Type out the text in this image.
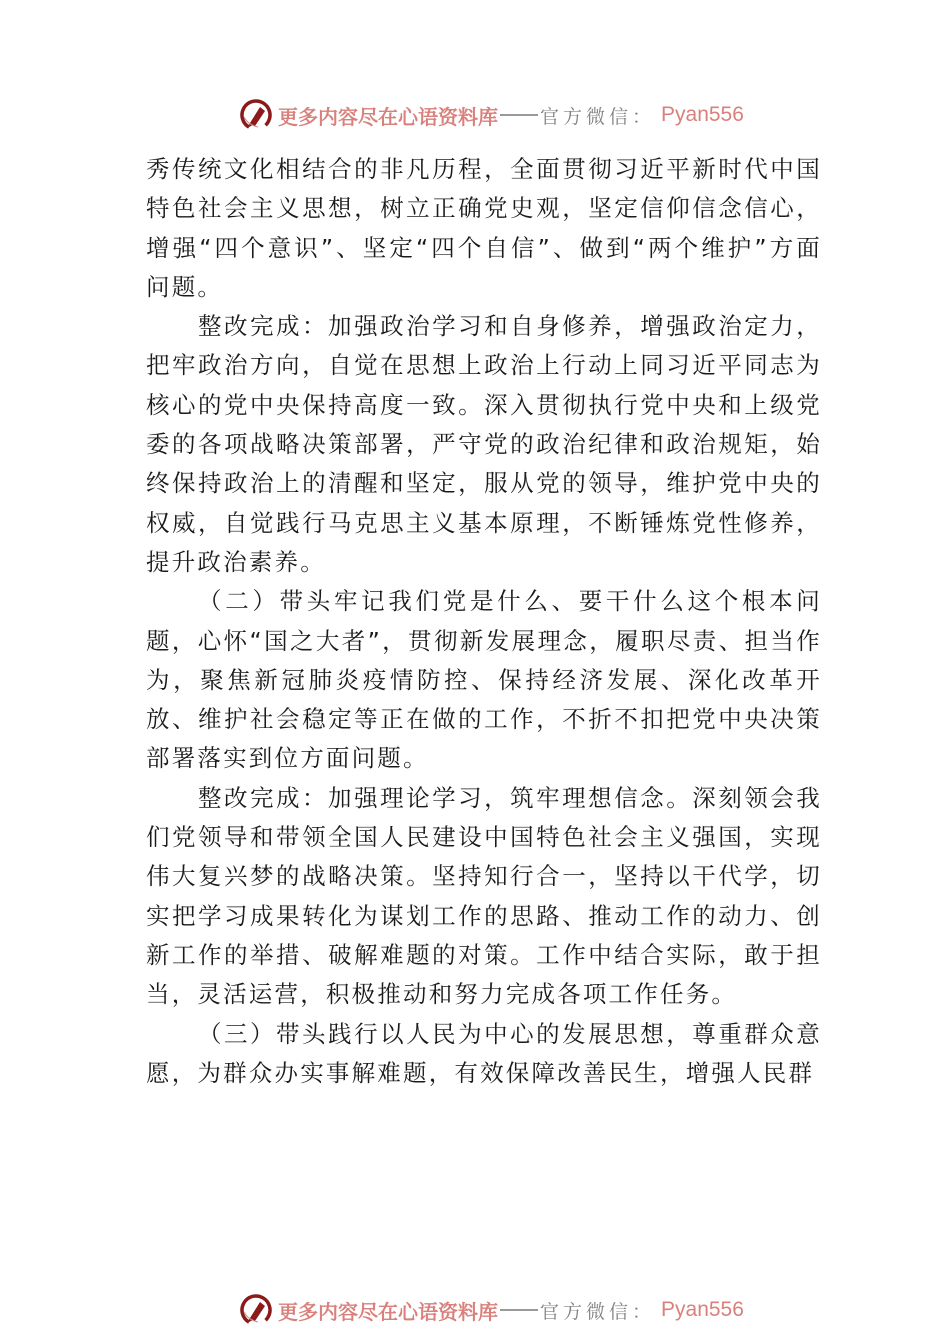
更多内容尽在心语资料库 官方微信： Pyan556

秀传统文化相结合的非凡历程，全面贯彻习近平新时代中国特色社会主义思想，树立正确党史观，坚定信仰信念信心， 增强“四个意识”、坚定“四个自信”、做到“两个维护”方面问题。

整改完成：加强政治学习和自身修养，增强政治定力，把牢政治方向，自觉在思想上政治上行动上同习近平同志为核心的党中央保持高度一致。深入贯彻执行党中央和上级党委的各项战略决策部署，严守党的政治纪律和政治规矩，始终保持政治上的清醒和坚定，服从党的领导，维护党中央的权威，自觉践行马克思主义基本原理，不断锤炼党性修养， 提升政治素养。

（二）带头牢记我们党是什么、要干什么这个根本问题，心怀“国之大者”，贯彻新发展理念，履职尽责、担当作为，聚焦新冠肺炎疫情防控、保持经济发展、深化改革开放、维护社会稳定等正在做的工作，不折不扣把党中央决策部署落实到位方面问题。

整改完成：加强理论学习，筑牢理想信念。深刻领会我们党领导和带领全国人民建设中国特色社会主义强国，实现伟大复兴梦的战略决策。坚持知行合一，坚持以干代学，切实把学习成果转化为谋划工作的思路、推动工作的动力、创新工作的举措、破解难题的对策。工作中结合实际，敢于担当，灵活运营，积极推动和努力完成各项工作任务。

（三）带头践行以人民为中心的发展思想，尊重群众意愿，为群众办实事解难题，有效保障改善民生，增强人民群

更多内容尽在心语资料库 官方微信： Pyan556
